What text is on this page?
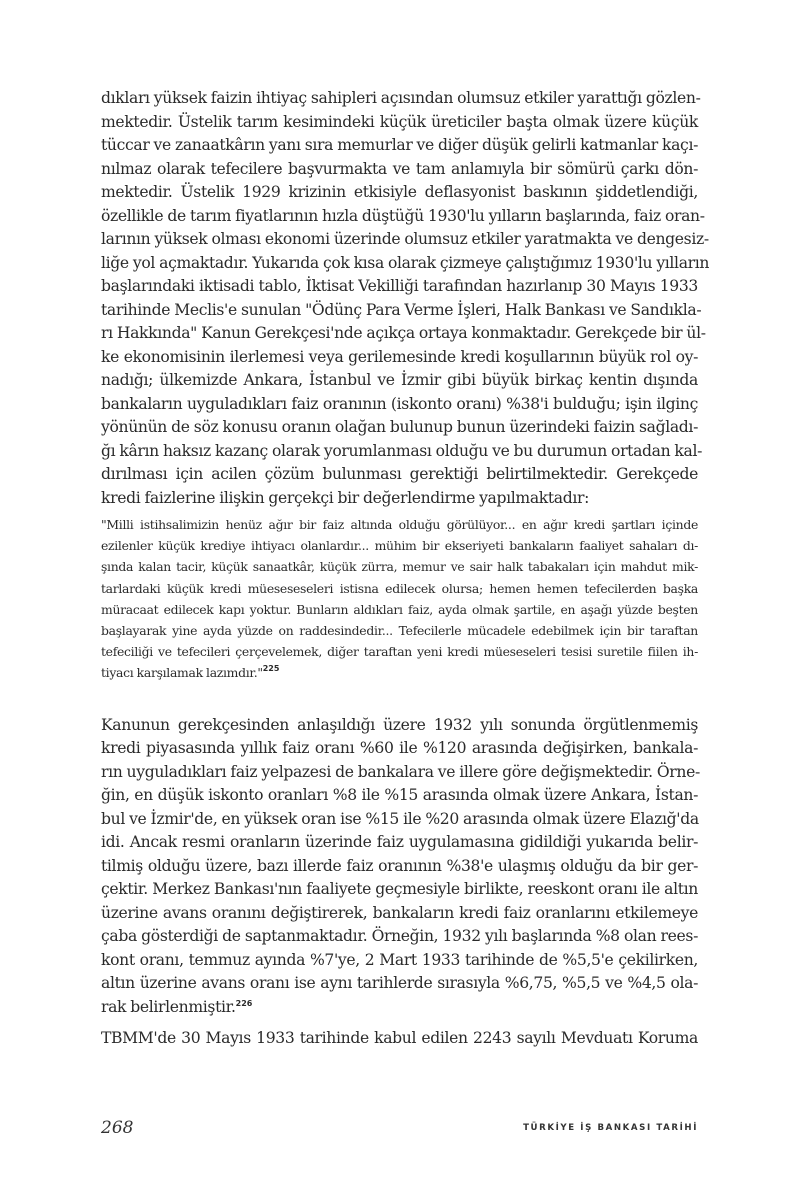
dıkları yüksek faizin ihtiyaç sahipleri açısından olumsuz etkiler yarattığı gözlen-
mektedir. Üstelik tarım kesimindeki küçük üreticiler başta olmak üzere küçük
tüccar ve zanaatkârın yanı sıra memurlar ve diğer düşük gelirli katmanlar kaçı-
nılmaz olarak tefecilere başvurmakta ve tam anlamıyla bir sömürü çarkı dön-
mektedir. Üstelik 1929 krizinin etkisiyle deflasyonist baskının şiddetlendiği,
özellikle de tarım fiyatlarının hızla düştüğü 1930'lu yılların başlarında, faiz oran-
larının yüksek olması ekonomi üzerinde olumsuz etkiler yaratmakta ve dengesiz-
liğe yol açmaktadır. Yukarıda çok kısa olarak çizmeye çalıştığımız 1930'lu yılların
başlarındaki iktisadi tablo, İktisat Vekilliği tarafından hazırlanıp 30 Mayıs 1933
tarihinde Meclis'e sunulan "Ödünç Para Verme İşleri, Halk Bankası ve Sandıkla-
rı Hakkında" Kanun Gerekçesi'nde açıkça ortaya konmaktadır. Gerekçede bir ül-
ke ekonomisinin ilerlemesi veya gerilemesinde kredi koşullarının büyük rol oy-
nadığı; ülkemizde Ankara, İstanbul ve İzmir gibi büyük birkaç kentin dışında
bankaların uyguladıkları faiz oranının (iskonto oranı) %38'i bulduğu; işin ilginç
yönünün de söz konusu oranın olağan bulunup bunun üzerindeki faizin sağladı-
ğı kârın haksız kazanç olarak yorumlanması olduğu ve bu durumun ortadan kal-
dırılması için acilen çözüm bulunması gerektiği belirtilmektedir. Gerekçede
kredi faizlerine ilişkin gerçekçi bir değerlendirme yapılmaktadır:
"Milli istihsalimizin henüz ağır bir faiz altında olduğu görülüyor... en ağır kredi şartları içinde
ezilenler küçük krediye ihtiyacı olanlardır... mühim bir ekseriyeti bankaların faaliyet sahaları dı-
şında kalan tacir, küçük sanaatkâr, küçük zürra, memur ve sair halk tabakaları için mahdut mik-
tarlardaki küçük kredi müeseseseleri istisna edilecek olursa; hemen hemen tefecilerden başka
müracaat edilecek kapı yoktur. Bunların aldıkları faiz, ayda olmak şartile, en aşağı yüzde beşten
başlayarak yine ayda yüzde on raddesindedir... Tefecilerle mücadele edebilmek için bir taraftan
tefeciliği ve tefecileri çerçevelemek, diğer taraftan yeni kredi müeseseleri tesisi suretile fiilen ih-
tiyacı karşılamak lazımdır."$^{225}$
Kanunun gerekçesinden anlaşıldığı üzere 1932 yılı sonunda örgütlenmemiş
kredi piyasasında yıllık faiz oranı %60 ile %120 arasında değişirken, bankala-
rın uyguladıkları faiz yelpazesi de bankalara ve illere göre değişmektedir. Örne-
ğin, en düşük iskonto oranları %8 ile %15 arasında olmak üzere Ankara, İstan-
bul ve İzmir'de, en yüksek oran ise %15 ile %20 arasında olmak üzere Elazığ'da
idi. Ancak resmi oranların üzerinde faiz uygulamasına gidildiği yukarıda belir-
tilmiş olduğu üzere, bazı illerde faiz oranının %38'e ulaşmış olduğu da bir ger-
çektir. Merkez Bankası'nın faaliyete geçmesiyle birlikte, reeskont oranı ile altın
üzerine avans oranını değiştirerek, bankaların kredi faiz oranlarını etkilemeye
çaba gösterdiği de saptanmaktadır. Örneğin, 1932 yılı başlarında %8 olan rees-
kont oranı, temmuz ayında %7'ye, 2 Mart 1933 tarihinde de %5,5'e çekilirken,
altın üzerine avans oranı ise aynı tarihlerde sırasıyla %6,75, %5,5 ve %4,5 ola-
rak belirlenmiştir.$^{226}$
TBMM'de 30 Mayıs 1933 tarihinde kabul edilen 2243 sayılı Mevduatı Koruma
268	TÜRKİYE İŞ BANKASI TARİHİ
